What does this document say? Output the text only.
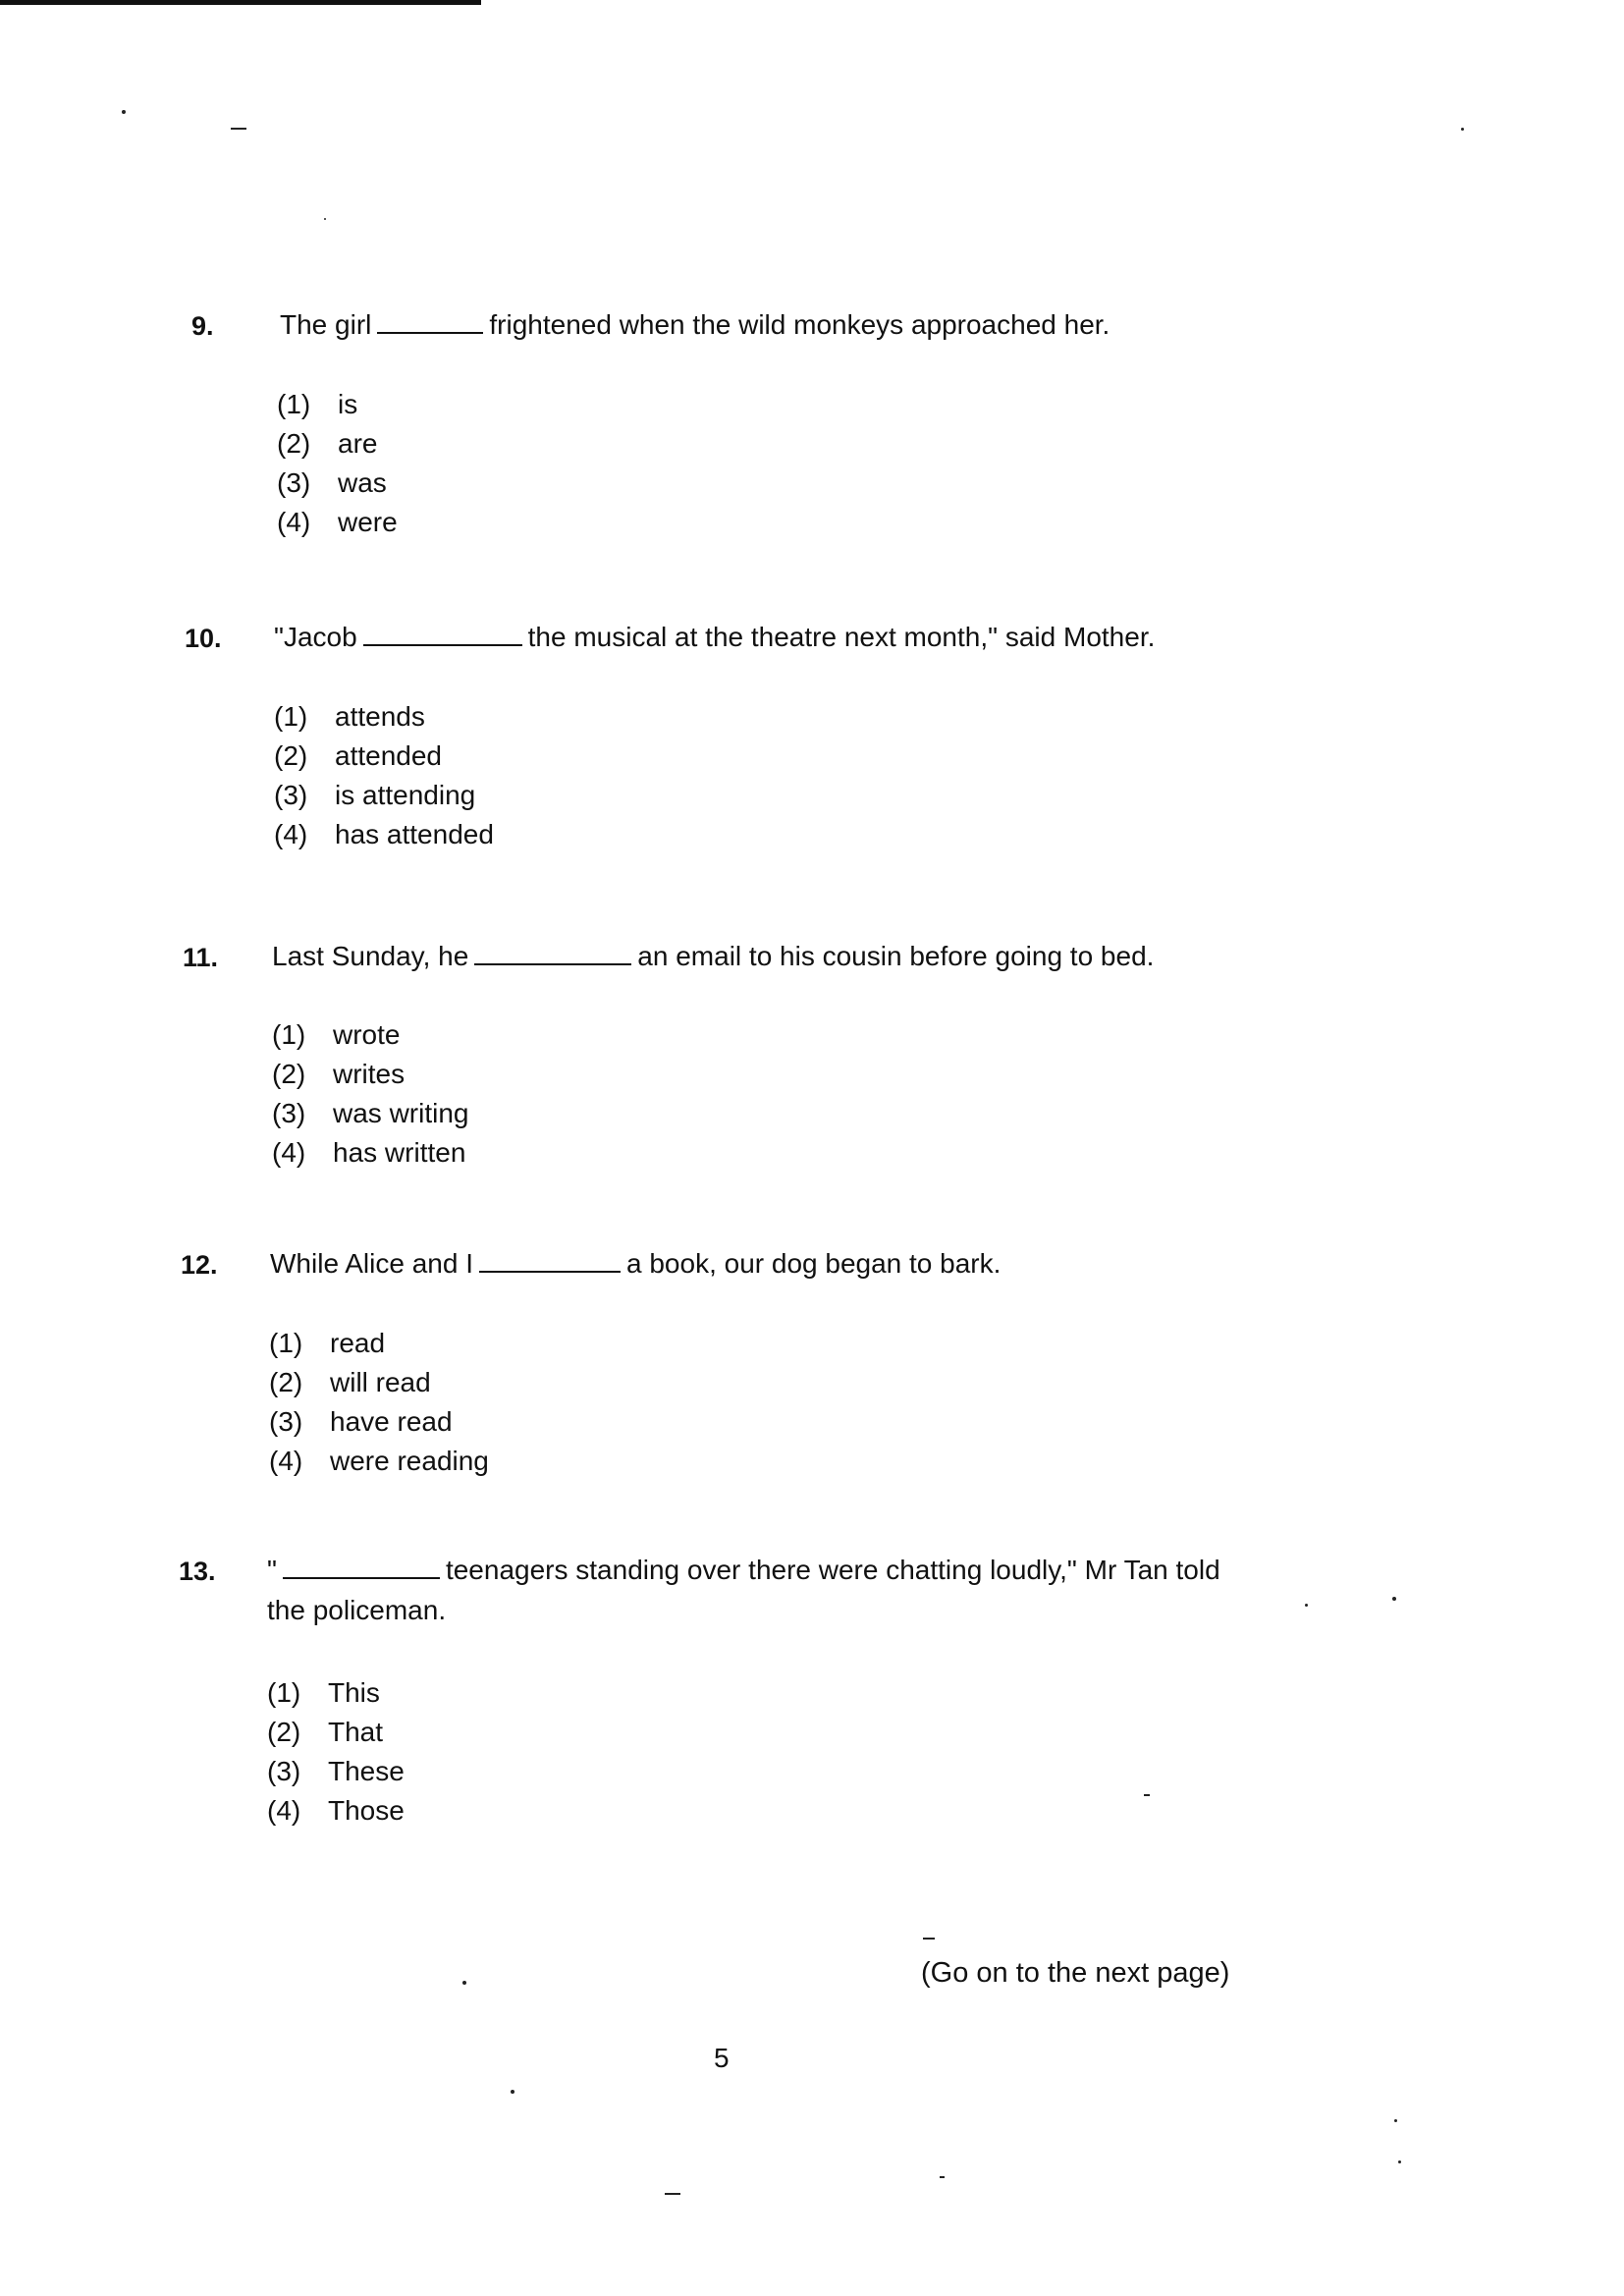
9. The girl	frightened when the wild monkeys approached her.
(1) is
(2) are
(3) was
(4) were
10. "Jacob	the musical at the theatre next month," said Mother.
(1) attends
(2) attended
(3) is attending
(4) has attended
11. Last Sunday, he	an email to his cousin before going to bed.
(1) wrote
(2) writes
(3) was writing
(4) has written
12. While Alice and I	a book, our dog began to bark.
(1) read
(2) will read
(3) have read
(4) were reading
13. "	teenagers standing over there were chatting loudly," Mr Tan told
the policeman.
(1) This
(2) That
(3) These
(4) Those
(Go on to the next page)
5
